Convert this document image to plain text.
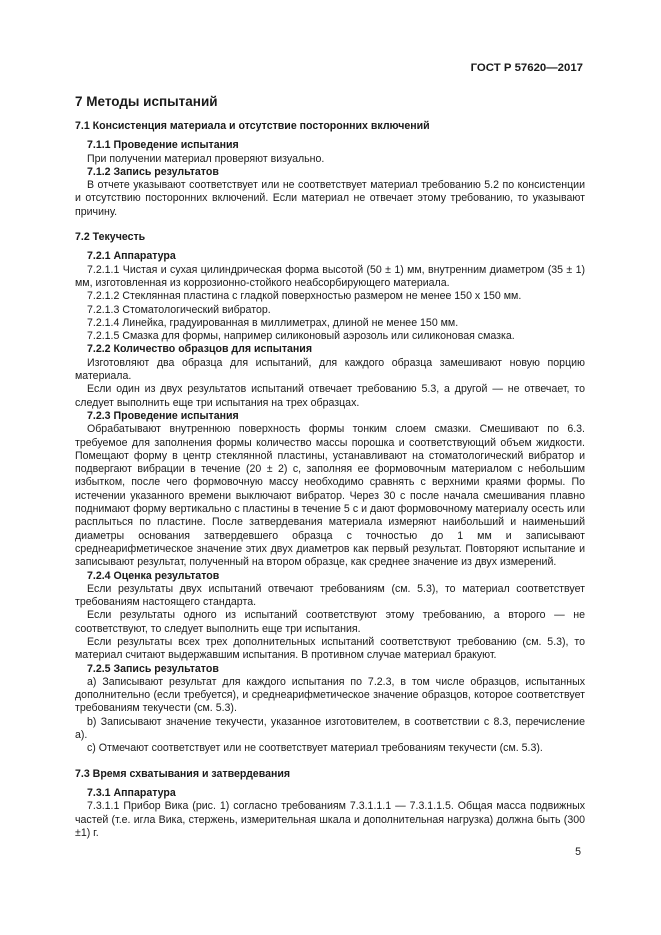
ГОСТ Р 57620—2017
7 Методы испытаний
7.1 Консистенция материала и отсутствие посторонних включений
7.1.1 Проведение испытания
При получении материал проверяют визуально.
7.1.2 Запись результатов
В отчете указывают соответствует или не соответствует материал требованию 5.2 по консистенции и отсутствию посторонних включений. Если материал не отвечает этому требованию, то указывают причину.
7.2 Текучесть
7.2.1 Аппаратура
7.2.1.1 Чистая и сухая цилиндрическая форма высотой (50 ± 1) мм, внутренним диаметром (35 ± 1) мм, изготовленная из коррозионно-стойкого неабсорбирующего материала.
7.2.1.2 Стеклянная пластина с гладкой поверхностью размером не менее 150 x 150 мм.
7.2.1.3 Стоматологический вибратор.
7.2.1.4 Линейка, градуированная в миллиметрах, длиной не менее 150 мм.
7.2.1.5 Смазка для формы, например силиконовый аэрозоль или силиконовая смазка.
7.2.2 Количество образцов для испытания
Изготовляют два образца для испытаний, для каждого образца замешивают новую порцию материала.
Если один из двух результатов испытаний отвечает требованию 5.3, а другой — не отвечает, то следует выполнить еще три испытания на трех образцах.
7.2.3 Проведение испытания
Обрабатывают внутреннюю поверхность формы тонким слоем смазки. Смешивают по 6.3. требуемое для заполнения формы количество массы порошка и соответствующий объем жидкости. Помещают форму в центр стеклянной пластины, устанавливают на стоматологический вибратор и подвергают вибрации в течение (20 ± 2) с, заполняя ее формовочным материалом с небольшим избытком, после чего формовочную массу необходимо сравнять с верхними краями формы. По истечении указанного времени выключают вибратор. Через 30 с после начала смешивания плавно поднимают форму вертикально с пластины в течение 5 с и дают формовочному материалу осесть или расплыться по пластине. После затвердевания материала измеряют наибольший и наименьший диаметры основания затвердевшего образца с точностью до 1 мм и записывают среднеарифметическое значение этих двух диаметров как первый результат. Повторяют испытание и записывают результат, полученный на втором образце, как среднее значение из двух измерений.
7.2.4 Оценка результатов
Если результаты двух испытаний отвечают требованиям (см. 5.3), то материал соответствует требованиям настоящего стандарта.
Если результаты одного из испытаний соответствуют этому требованию, а второго — не соответствуют, то следует выполнить еще три испытания.
Если результаты всех трех дополнительных испытаний соответствуют требованию (см. 5.3), то материал считают выдержавшим испытания. В противном случае материал бракуют.
7.2.5 Запись результатов
a) Записывают результат для каждого испытания по 7.2.3, в том числе образцов, испытанных дополнительно (если требуется), и среднеарифметическое значение образцов, которое соответствует требованиям текучести (см. 5.3).
b) Записывают значение текучести, указанное изготовителем, в соответствии с 8.3, перечисление а).
с) Отмечают соответствует или не соответствует материал требованиям текучести (см. 5.3).
7.3 Время схватывания и затвердевания
7.3.1 Аппаратура
7.3.1.1 Прибор Вика (рис. 1) согласно требованиям 7.3.1.1.1 — 7.3.1.1.5. Общая масса подвижных частей (т.е. игла Вика, стержень, измерительная шкала и дополнительная нагрузка) должна быть (300 ±1) г.
5
